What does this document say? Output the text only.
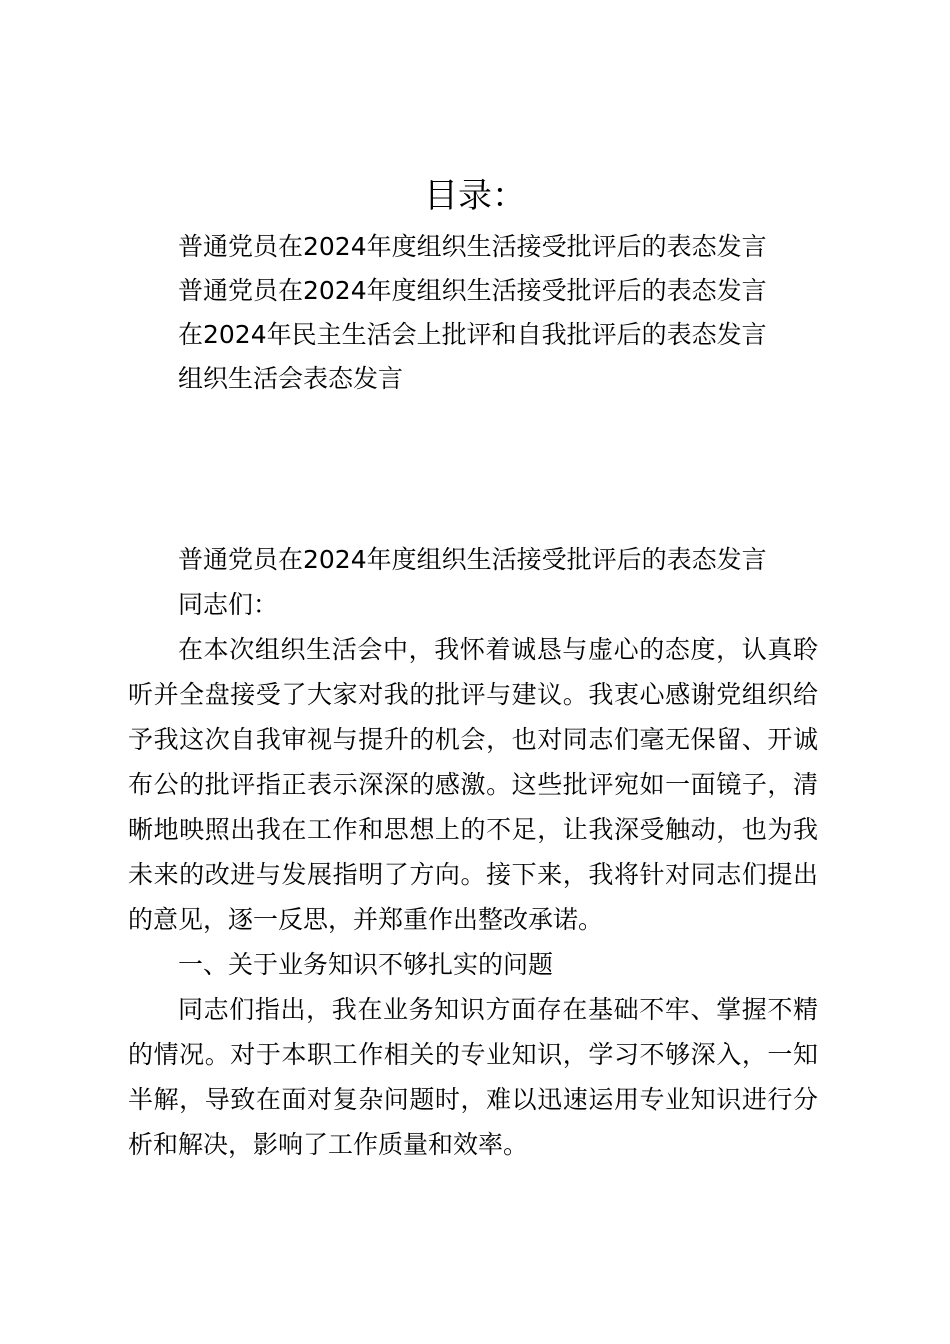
目录：
普通党员在2024年度组织生活接受批评后的表态发言
普通党员在2024年度组织生活接受批评后的表态发言
在2024年民主生活会上批评和自我批评后的表态发言
组织生活会表态发言
普通党员在2024年度组织生活接受批评后的表态发言
同志们：

在本次组织生活会中，我怀着诚恳与虚心的态度，认真聆听并全盘接受了大家对我的批评与建议。我衷心感谢党组织给予我这次自我审视与提升的机会，也对同志们毫无保留、开诚布公的批评指正表示深深的感激。这些批评宛如一面镜子，清晰地映照出我在工作和思想上的不足，让我深受触动，也为我未来的改进与发展指明了方向。接下来，我将针对同志们提出的意见，逐一反思，并郑重作出整改承诺。

一、关于业务知识不够扎实的问题

同志们指出，我在业务知识方面存在基础不牢、掌握不精的情况。对于本职工作相关的专业知识，学习不够深入，一知半解，导致在面对复杂问题时，难以迅速运用专业知识进行分析和解决，影响了工作质量和效率。
